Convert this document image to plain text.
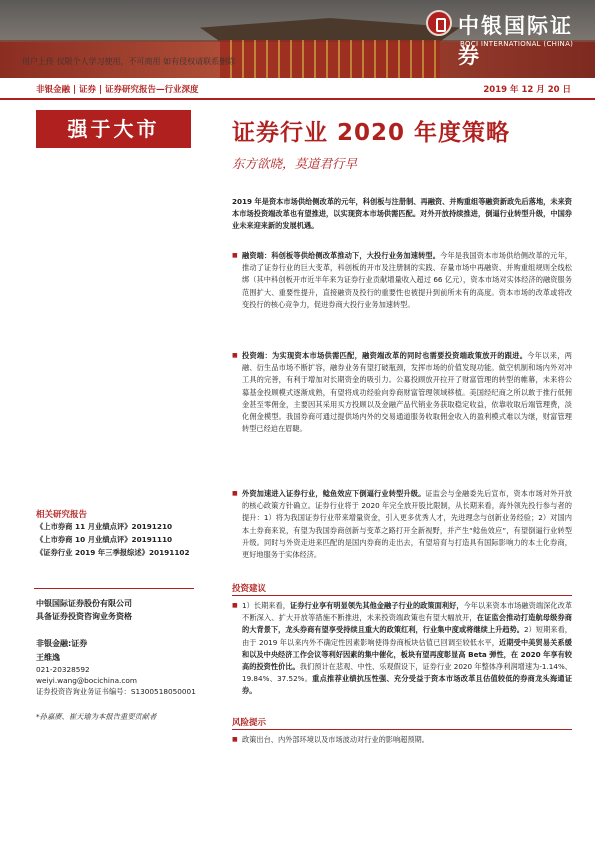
中银国际证券
BOCI INTERNATIONAL (CHINA)
用户上传 仅限个人学习使用，不可商用 如有侵权请联系删除
非银金融 | 证券 | 证券研究报告—行业深度	2019 年 12 月 20 日
强于大市
相关研究报告
《上市券商 11 月业绩点评》20191210
《上市券商 10 月业绩点评》20191110
《证券行业 2019 年三季报综述》20191102
中银国际证券股份有限公司
具备证券投资咨询业务资格
非银金融:证券
王维逸
021-20328592
weiyi.wang@bocichina.com
证券投资咨询业务证书编号：S1300518050001
*孙嘉赓、崔天瑜为本报告重要贡献者
证券行业 2020 年度策略
东方欲晓，莫道君行早
2019 年是资本市场供给侧改革的元年，科创板与注册制、再融资、并购重组等融资新政先后落地，未来资本市场投资端改革也有望推进，以实现资本市场供需匹配。对外开放持续推进，倒逼行业转型升级，中国券业未来迎来新的发展机遇。
■ 融资端：科创板等供给侧改革推动下，大投行业务加速转型。今年是我国资本市场供给侧改革的元年，推动了证券行业的巨大变革，科创板的开市及注册制的实践、存量市场中再融资、并购重组规则全线松绑（其中科创板开市近半年来为证券行业贡献增量收入超过 66 亿元），资本市场对实体经济的融资服务范围扩大、重要性提升，直接融资及投行的重要性也被提升到前所未有的高度。资本市场的改革或将改变投行的核心竞争力，促进券商大投行业务加速转型。
■ 投资端：为实现资本市场供需匹配，融资端改革的同时也需要投资端政策放开的跟进。今年以来，两融、衍生品市场不断扩容，融券业务有望打破瓶颈，发挥市场的价值发现功能。做空机制和场内外对冲工具的完善，有利于增加对长期资金的吸引力。公募投顾放开拉开了财富管理的转型的帷幕，未来将公募基金投顾模式逐渐成熟，有望将成功经验向券商财富管理领域移植。美国经纪商之所以敢于推行低佣金甚至零佣金，主要因其采用买方投顾以及金融产品代销业务获取稳定收益，依靠收取后端管理费，淡化佣金模型。我国券商可通过提供场内外的交易通道服务收取佣金收入的盈利模式难以为继，财富管理转型已经迫在眉睫。
■ 外资加速进入证券行业，鲶鱼效应下倒逼行业转型升级。证监会与金融委先后宣布，资本市场对外开放的核心政策方针确立。证券行业将于 2020 年完全放开股比限制，从长期来看，海外领先投行参与者的提升：1）将为我国证券行业带来增量资金，引入更多优秀人才，先进理念与创新业务经验；2）对国内本土券商来说，有望为我国券商创新与变革之路打开全新视野，并产生“鲶鱼效应”，有望倒逼行业转型升级。同时与外资走进来匹配的是国内券商的走出去，有望培育与打造具有国际影响力的本土化券商，更好地服务于实体经济。
投资建议
■ 1）长期来看，证券行业享有明显领先其他金融子行业的政策面利好，今年以来资本市场融资端深化改革不断深入、扩大开放等措施不断推进，未来投资端政策也有望大幅放开，在证监会推动打造航母级券商的大背景下，龙头券商有望享受持续且重大的政策红利，行业集中度或将继续上升趋势。2）短期来看，由于 2019 年以来内外不确定性因素影响使得券商板块估值已回调至较低水平，近期受中美贸易关系缓和以及中央经济工作会议等利好因素的集中催化，板块有望再度彰显高 Beta 弹性，在 2020 年享有较高的投资性价比。我们预计在悲观、中性、乐观假设下，证券行业 2020 年整体净利润增速为-1.14%、19.84%、37.52%。重点推荐业绩抗压性强、充分受益于资本市场改革且估值较低的券商龙头海通证券。
风险提示
■ 政策出台、内外部环境以及市场波动对行业的影响超预期。
